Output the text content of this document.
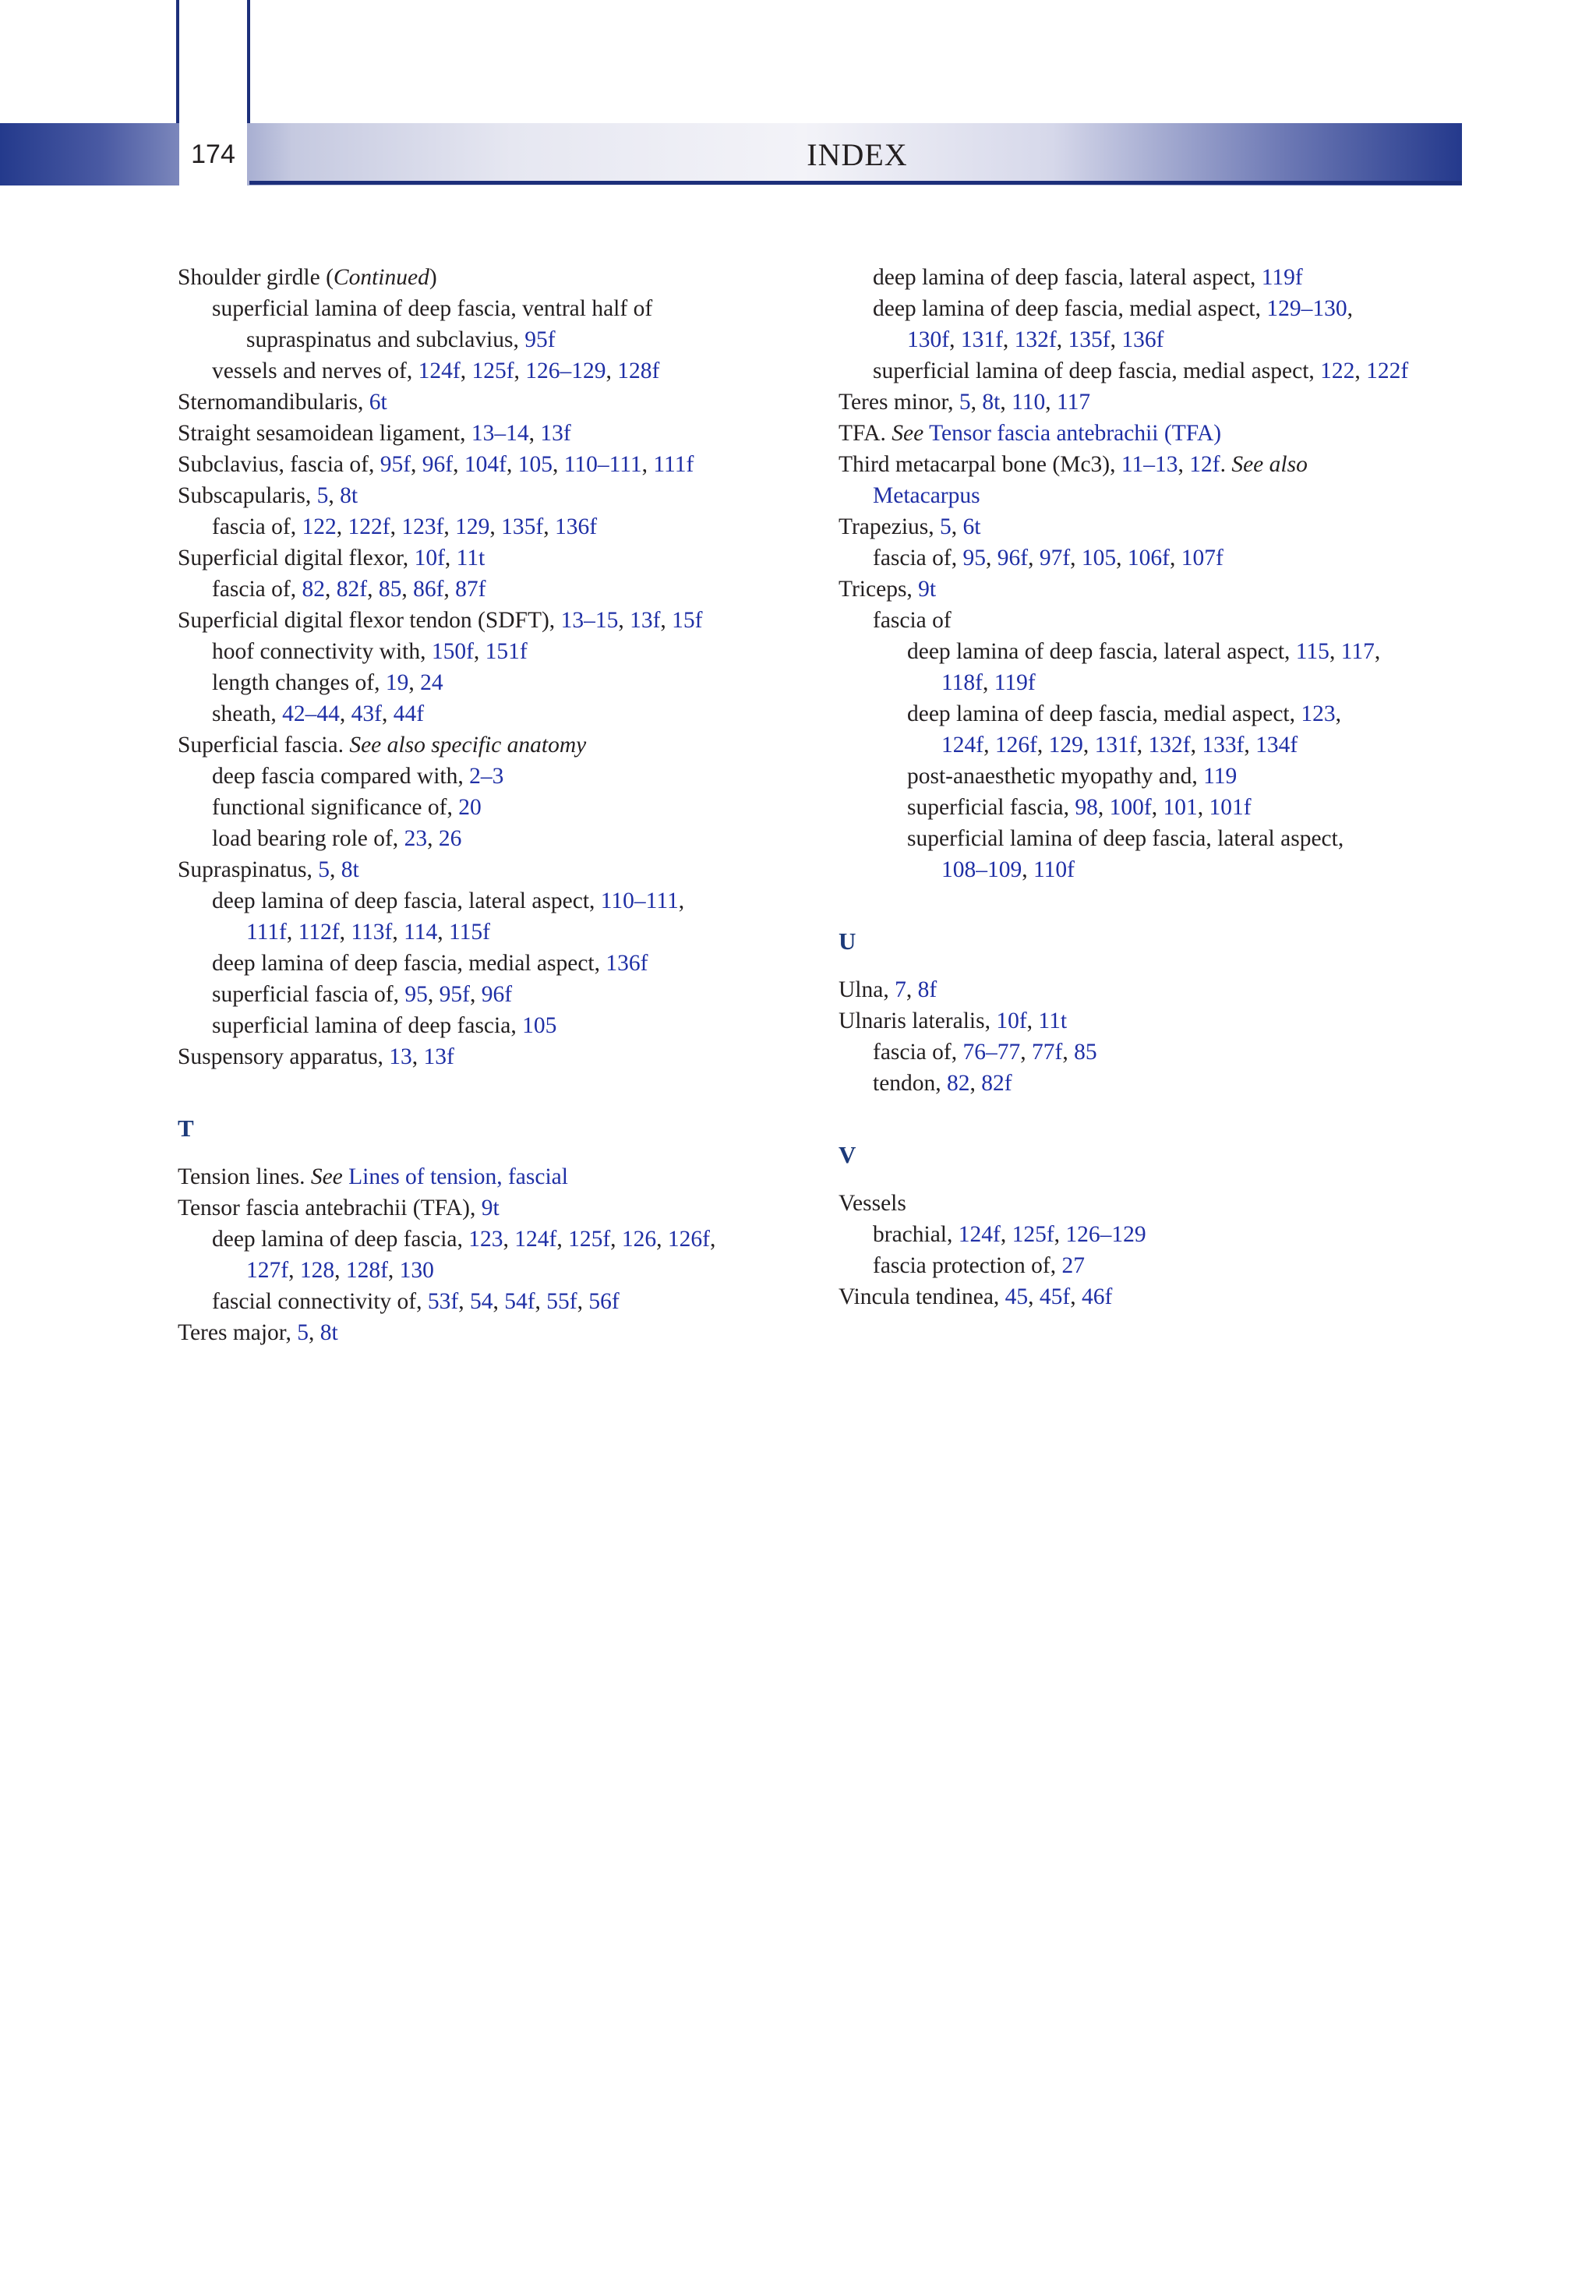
174	INDEX
Shoulder girdle (Continued)
superficial lamina of deep fascia, ventral half of
supraspinatus and subclavius, 95f
vessels and nerves of, 124f, 125f, 126–129, 128f
Sternomandibularis, 6t
Straight sesamoidean ligament, 13–14, 13f
Subclavius, fascia of, 95f, 96f, 104f, 105, 110–111, 111f
Subscapularis, 5, 8t
fascia of, 122, 122f, 123f, 129, 135f, 136f
Superficial digital flexor, 10f, 11t
fascia of, 82, 82f, 85, 86f, 87f
Superficial digital flexor tendon (SDFT), 13–15, 13f, 15f
hoof connectivity with, 150f, 151f
length changes of, 19, 24
sheath, 42–44, 43f, 44f
Superficial fascia. See also specific anatomy
deep fascia compared with, 2–3
functional significance of, 20
load bearing role of, 23, 26
Supraspinatus, 5, 8t
deep lamina of deep fascia, lateral aspect, 110–111,
111f, 112f, 113f, 114, 115f
deep lamina of deep fascia, medial aspect, 136f
superficial fascia of, 95, 95f, 96f
superficial lamina of deep fascia, 105
Suspensory apparatus, 13, 13f
T
Tension lines. See Lines of tension, fascial
Tensor fascia antebrachii (TFA), 9t
deep lamina of deep fascia, 123, 124f, 125f, 126, 126f,
127f, 128, 128f, 130
fascial connectivity of, 53f, 54, 54f, 55f, 56f
Teres major, 5, 8t
deep lamina of deep fascia, lateral aspect, 119f
deep lamina of deep fascia, medial aspect, 129–130,
130f, 131f, 132f, 135f, 136f
superficial lamina of deep fascia, medial aspect, 122, 122f
Teres minor, 5, 8t, 110, 117
TFA. See Tensor fascia antebrachii (TFA)
Third metacarpal bone (Mc3), 11–13, 12f. See also
Metacarpus
Trapezius, 5, 6t
fascia of, 95, 96f, 97f, 105, 106f, 107f
Triceps, 9t
fascia of
deep lamina of deep fascia, lateral aspect, 115, 117,
118f, 119f
deep lamina of deep fascia, medial aspect, 123,
124f, 126f, 129, 131f, 132f, 133f, 134f
post-anaesthetic myopathy and, 119
superficial fascia, 98, 100f, 101, 101f
superficial lamina of deep fascia, lateral aspect,
108–109, 110f
U
Ulna, 7, 8f
Ulnaris lateralis, 10f, 11t
fascia of, 76–77, 77f, 85
tendon, 82, 82f
V
Vessels
brachial, 124f, 125f, 126–129
fascia protection of, 27
Vincula tendinea, 45, 45f, 46f
